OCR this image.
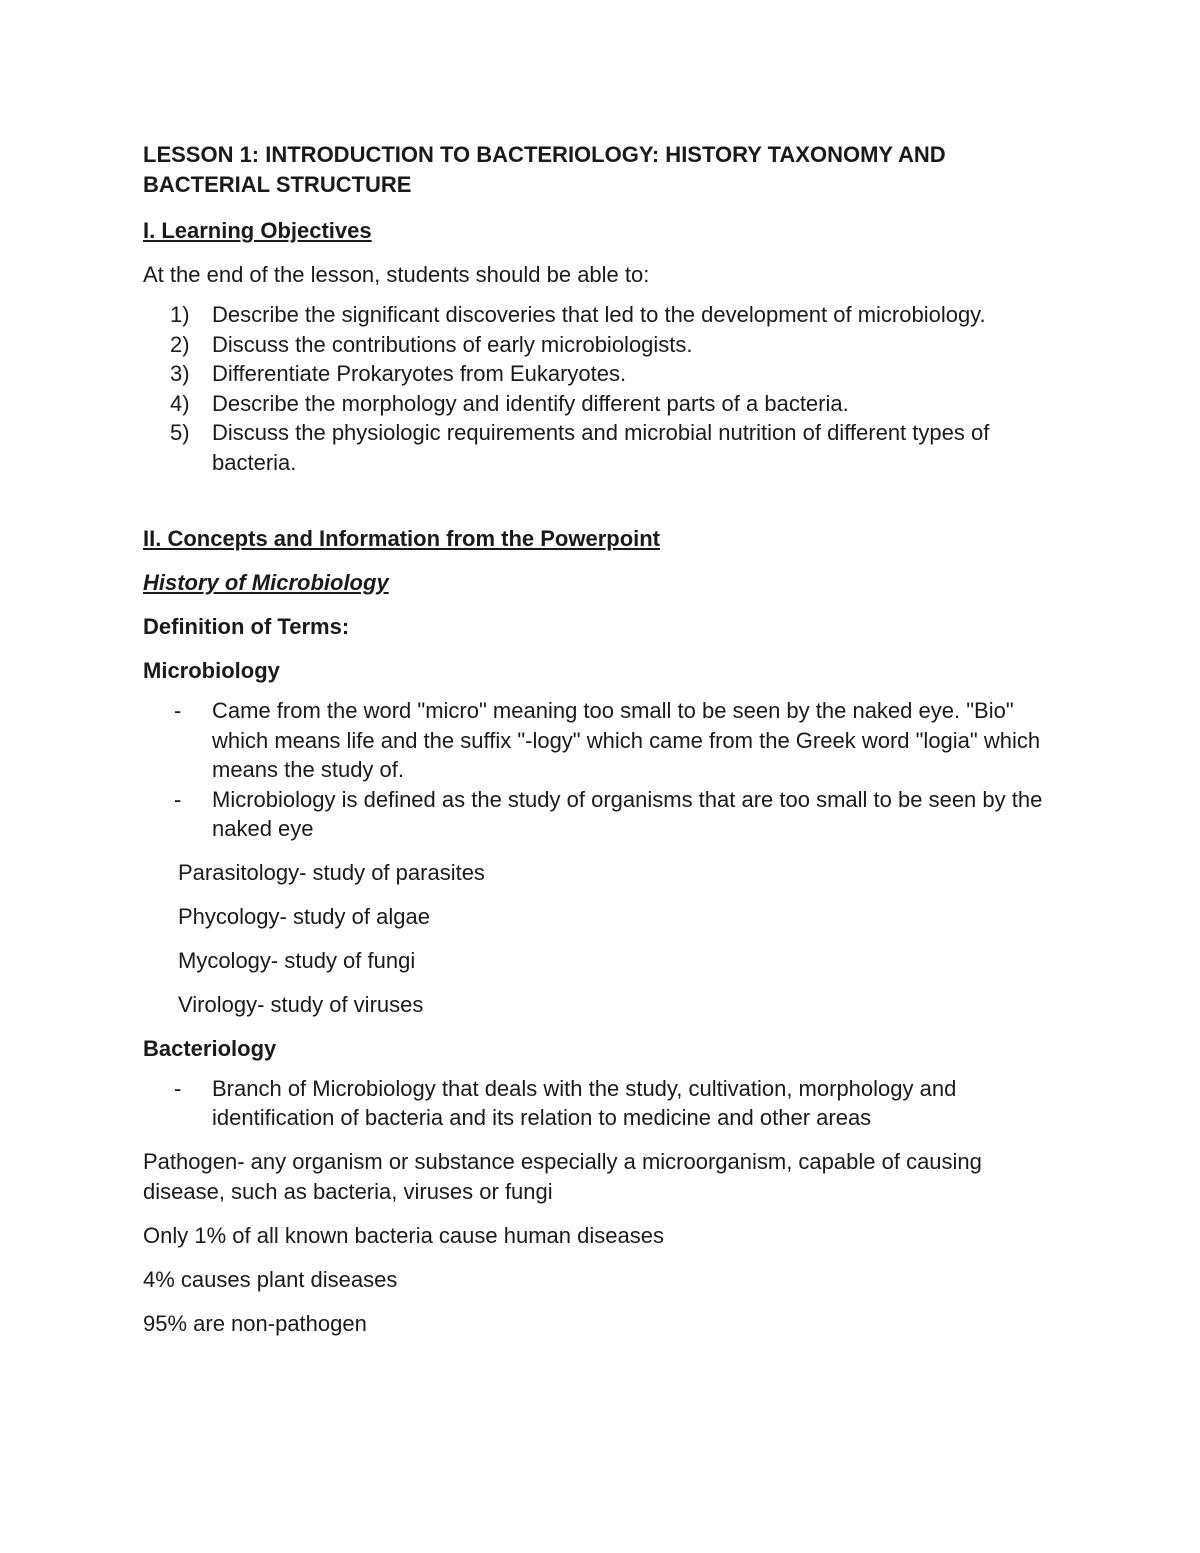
LESSON 1: INTRODUCTION TO BACTERIOLOGY: HISTORY TAXONOMY AND
BACTERIAL STRUCTURE
I. Learning Objectives

At the end of the lesson, students should be able to:

1)	Describe the significant discoveries that led to the development of microbiology.
2)	Discuss the contributions of early microbiologists.
3)	Differentiate Prokaryotes from Eukaryotes.
4)	Describe the morphology and identify different parts of a bacteria.
5)	Discuss the physiologic requirements and microbial nutrition of different types of bacteria.
II. Concepts and Information from the Powerpoint
History of Microbiology
Definition of Terms:
Microbiology
-	Came from the word "micro" meaning too small to be seen by the naked eye. "Bio" which means life and the suffix "-logy" which came from the Greek word "logia" which means the study of.
-	Microbiology is defined as the study of organisms that are too small to be seen by the naked eye

Parasitology- study of parasites

Phycology- study of algae

Mycology- study of fungi

Virology- study of viruses

Bacteriology
-	Branch of Microbiology that deals with the study, cultivation, morphology and identification of bacteria and its relation to medicine and other areas

Pathogen- any organism or substance especially a microorganism, capable of causing disease, such as bacteria, viruses or fungi

Only 1% of all known bacteria cause human diseases

4% causes plant diseases

95% are non-pathogen
